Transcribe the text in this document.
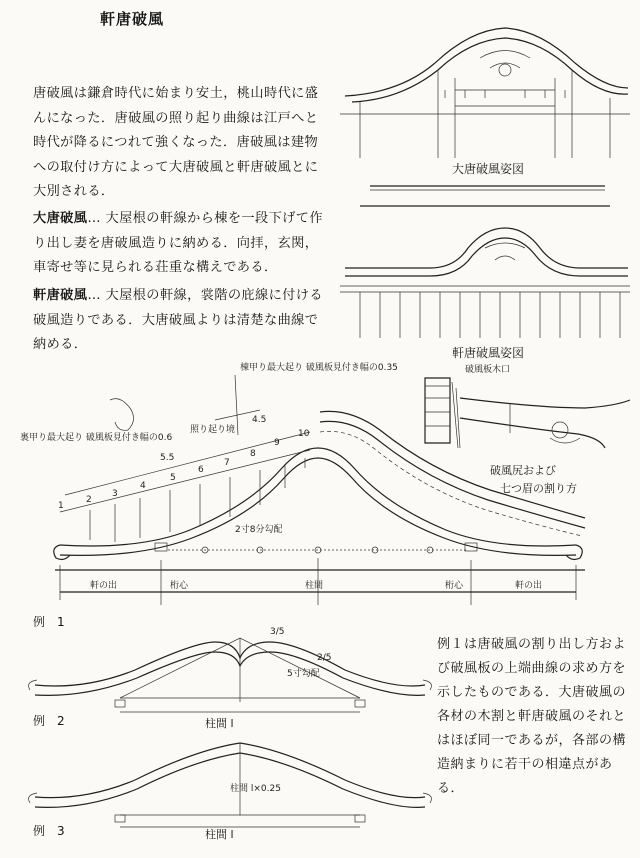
軒唐破風
唐破風は鎌倉時代に始まり安土，桃山時代に盛んになった．唐破風の照り起り曲線は江戸へと時代が降るにつれて強くなった．唐破風は建物への取付け方によって大唐破風と軒唐破風とに大別される．
大唐破風… 大屋根の軒線から棟を一段下げて作り出し妻を唐破風造りに納める．向拝，玄関，車寄せ等に見られる荘重な構えである．
軒唐破風… 大屋根の軒線，裳階の庇線に付ける破風造りである．大唐破風よりは清楚な曲線で納める．
大唐破風姿図
軒唐破風姿図
破風板木口
破風尻および
七つ眉の割り方
1
2
3
4
5
6
7
8
9
10
裏甲り最大起り 破風板見付き幅の0.6
棟甲り最大起り 破風板見付き幅の0.35
照り起り境
5.5
4.5
2寸8分勾配
軒の出	桁心	柱間	桁心	軒の出
例　1
3/5
2/5
5寸勾配
例　2	柱間 l
柱間 l×0.25
例　3	柱間 l
例１は唐破風の割り出し方および破風板の上端曲線の求め方を示したものである．大唐破風の各材の木割と軒唐破風のそれとはほぼ同一であるが，各部の構造納まりに若干の相違点がある．
